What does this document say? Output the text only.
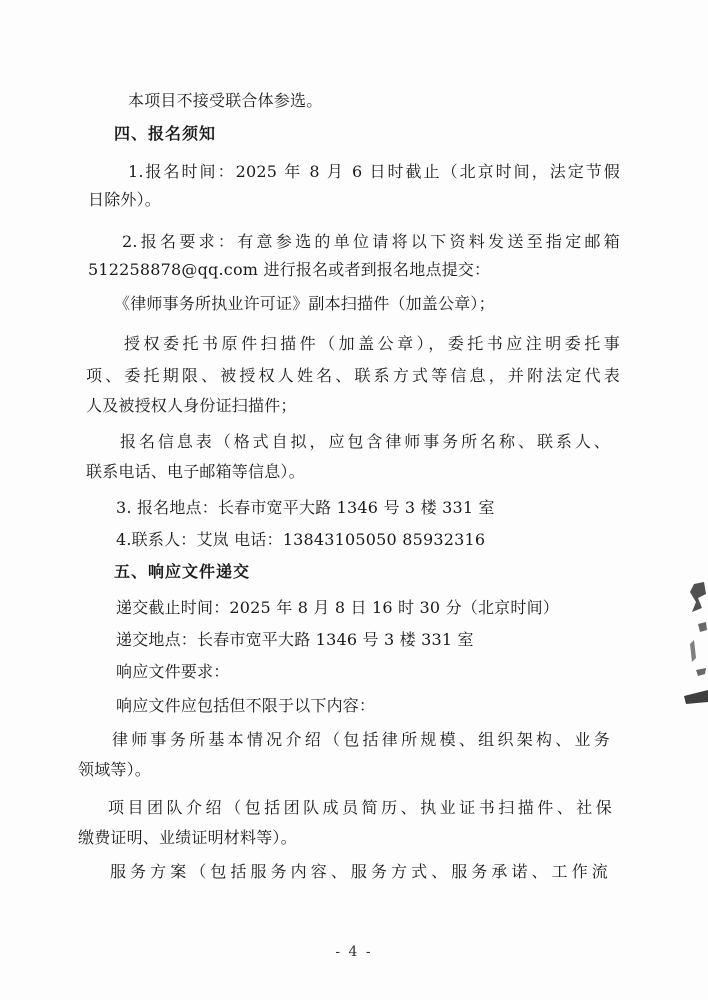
本项目不接受联合体参选。
四、报名须知
1.报名时间：2025 年 8 月 6 日时截止（北京时间，法定节假
日除外）。
2.报名要求：有意参选的单位请将以下资料发送至指定邮箱
512258878@qq.com 进行报名或者到报名地点提交：
《律师事务所执业许可证》副本扫描件（加盖公章）；
授权委托书原件扫描件（加盖公章），委托书应注明委托事
项、委托期限、被授权人姓名、联系方式等信息，并附法定代表
人及被授权人身份证扫描件；
报名信息表（格式自拟，应包含律师事务所名称、联系人、
联系电话、电子邮箱等信息）。
3. 报名地点：长春市宽平大路 1346 号 3 楼 331 室
4.联系人：艾岚 电话：13843105050 85932316
五、响应文件递交
递交截止时间：2025 年 8 月 8 日 16 时 30 分（北京时间）
递交地点：长春市宽平大路 1346 号 3 楼 331 室
响应文件要求：
响应文件应包括但不限于以下内容：
律师事务所基本情况介绍（包括律所规模、组织架构、业务
领域等）。
项目团队介绍（包括团队成员简历、执业证书扫描件、社保
缴费证明、业绩证明材料等）。
服务方案（包括服务内容、服务方式、服务承诺、工作流
- 4 -
